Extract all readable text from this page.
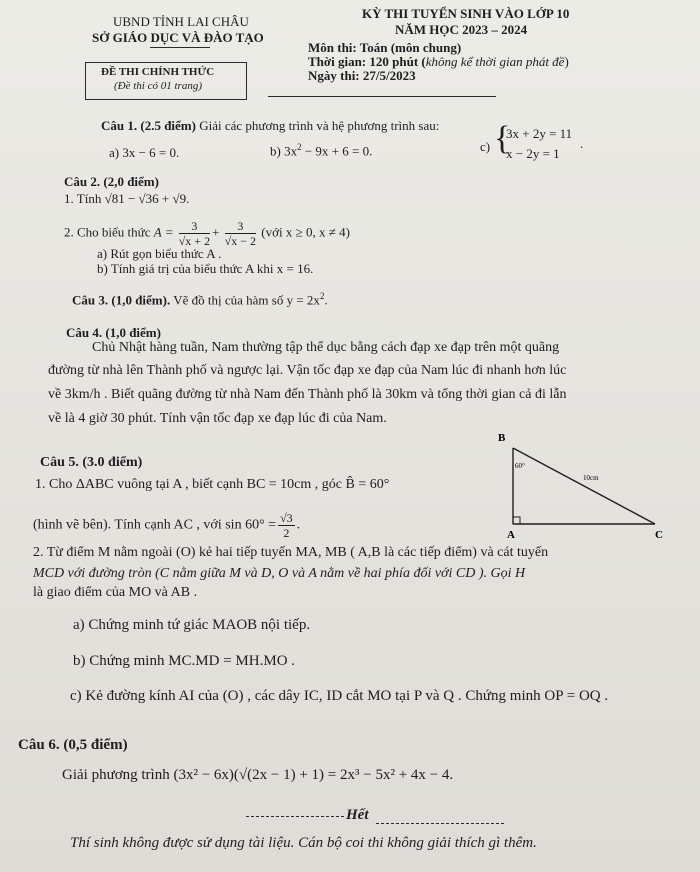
UBND TỈNH LAI CHÂU
SỞ GIÁO DỤC VÀ ĐÀO TẠO
KỲ THI TUYỂN SINH VÀO LỚP 10
NĂM HỌC 2023 – 2024
Môn thi: Toán (môn chung)
Thời gian: 120 phút (không kể thời gian phát đề)
Ngày thi: 27/5/2023
ĐỀ THI CHÍNH THỨC
(Đề thi có 01 trang)
Câu 1. (2.5 điểm) Giải các phương trình và hệ phương trình sau:
a) 3x − 6 = 0.	b) $3x^2 - 9x + 6 = 0$.	c) {
3x + 2y = 11
x − 2y = 1
.
Câu 2. (2,0 điểm)
1. Tính √81 − √36 + √9.
2. Cho biểu thức $A = \frac{3}{√x + 2} + \frac{3}{√x - 2}$ (với x ≥ 0, x ≠ 4)
a) Rút gọn biểu thức A .
b) Tính giá trị của biểu thức A khi x = 16.
Câu 3. (1,0 điểm). Vẽ đồ thị của hàm số $y = 2x^2$.
Câu 4. (1,0 điểm)
Chủ Nhật hàng tuần, Nam thường tập thể dục bằng cách đạp xe đạp trên một quãng
đường từ nhà lên Thành phố và ngược lại. Vận tốc đạp xe đạp của Nam lúc đi nhanh hơn lúc
về 3km/h . Biết quãng đường từ nhà Nam đến Thành phố là 30km và tổng thời gian cả đi lẫn
về là 4 giờ 30 phút. Tính vận tốc đạp xe đạp lúc đi của Nam.
Câu 5. (3.0 điểm)
1. Cho ΔABC vuông tại A , biết cạnh BC = 10cm , góc B̂ = 60°
(hình vẽ bên). Tính cạnh AC , với $\sin 60^\circ = \frac{√3}{2}$ .
B
A	C
60°
10cm
2. Từ điểm M nằm ngoài (O) kẻ hai tiếp tuyến MA, MB ( A,B là các tiếp điểm) và cát tuyến
MCD với đường tròn (C nằm giữa M và D, O và A nằm về hai phía đối với CD ). Gọi H
là giao điểm của MO và AB .
a) Chứng minh tứ giác MAOB nội tiếp.
b) Chứng minh MC.MD = MH.MO .
c) Kẻ đường kính AI của (O) , các dây IC, ID cắt MO tại P và Q . Chứng minh OP = OQ .
Câu 6. (0,5 điểm)
Giải phương trình (3x² − 6x)(√(2x − 1) + 1) = 2x³ − 5x² + 4x − 4.
Hết
Thí sinh không được sử dụng tài liệu. Cán bộ coi thi không giải thích gì thêm.
